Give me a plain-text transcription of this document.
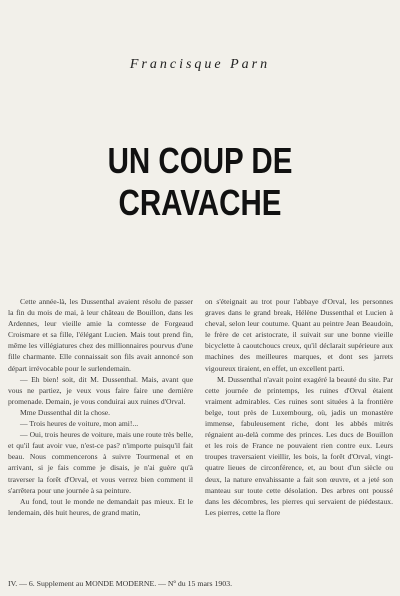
Francisque Parn
UN COUP DE CRAVACHE

Cette année-là, les Dussenthal avaient résolu de passer la fin du mois de mai, à leur château de Bouillon, dans les Ardennes, leur vieille amie la comtesse de Forgeaud Croismare et sa fille, l'élégant Lucien. Mais tout prend fin, même les villégiatures chez des millionnaires pourvus d'une fille charmante. Elle connaissait son fils avait annoncé son départ irrévocable pour le surlendemain.

— Eh bien! soit, dit M. Dussenthal. Mais, avant que vous ne partiez, je veux vous faire faire une dernière promenade. Demain, je vous conduirai aux ruines d'Orval.

Mme Dussenthal dit la chose.

— Trois heures de voiture, mon ami!...

— Oui, trois heures de voiture, mais une route très belle, et qu'il faut avoir vue, n'est-ce pas? n'importe puisqu'il fait beau. Nous commencerons à suivre Tourmenal et en arrivant, si je fais comme je disais, je n'ai guère qu'à traverser la forêt d'Orval, et vous verrez bien comment il s'arrêtera pour une journée à sa peinture.

Au fond, tout le monde ne demandait pas mieux. Et le lendemain, dès huit heures, de grand matin,

on s'éteignait au trot pour l'abbaye d'Orval, les personnes graves dans le grand break, Hélène Dussenthal et Lucien à cheval, selon leur coutume. Quant au peintre Jean Beaudoin, le frère de cet aristocrate, il suivait sur une bonne vieille bicyclette à caoutchoucs creux, qu'il déclarait supérieure aux machines des meilleures marques, et dont ses jarrets vigoureux tiraient, en effet, un excellent parti.

M. Dussenthal n'avait point exagéré la beauté du site. Par cette journée de printemps, les ruines d'Orval étaient vraiment admirables. Ces ruines sont situées à la frontière belge, tout près de Luxembourg, où, jadis un monastère immense, fabuleusement riche, dont les abbés mitrés régnaient au-delà comme des princes. Les ducs de Bouillon et les rois de France ne pouvaient rien contre eux. Leurs troupes traversaient vieillir, les bois, la forêt d'Orval, vingt-quatre lieues de circonférence, et, au bout d'un siècle ou deux, la nature envahissante a fait son œuvre, et a jeté son manteau sur toute cette désolation. Des arbres ont poussé dans les décombres, les pierres qui servaient de piédestaux. Les pierres, cette la flore

IV. — 6. Supplement au MONDE MODERNE. — Nº du 15 mars 1903.
